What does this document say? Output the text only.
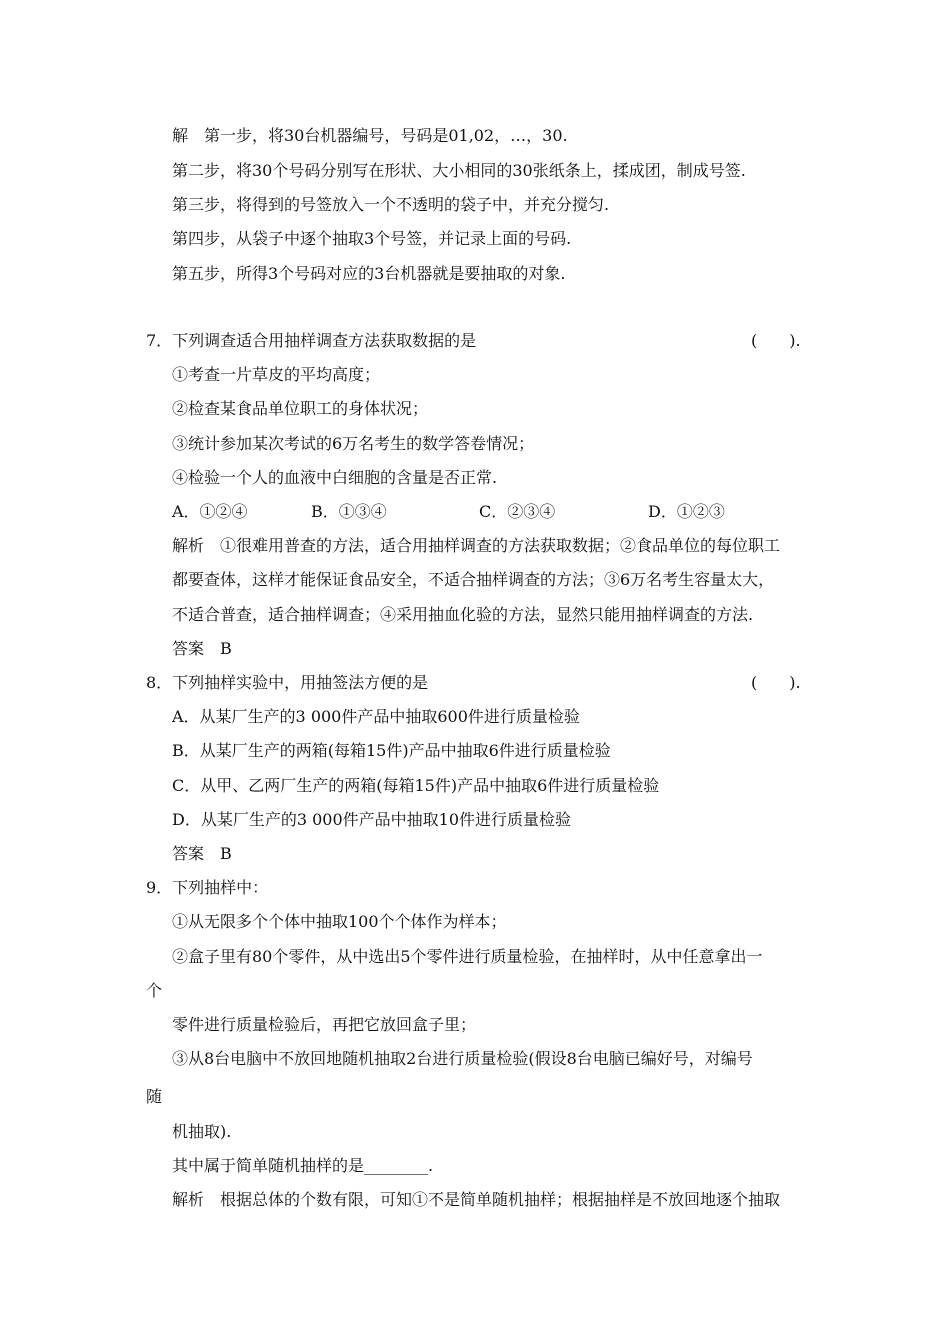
解　第一步，将30台机器编号，号码是01,02，…，30.
第二步，将30个号码分别写在形状、大小相同的30张纸条上，揉成团，制成号签.
第三步，将得到的号签放入一个不透明的袋子中，并充分搅匀.
第四步，从袋子中逐个抽取3个号签，并记录上面的号码.
第五步，所得3个号码对应的3台机器就是要抽取的对象.
7．下列调查适合用抽样调查方法获取数据的是	(　　).
①考查一片草皮的平均高度；
②检查某食品单位职工的身体状况；
③统计参加某次考试的6万名考生的数学答卷情况；
④检验一个人的血液中白细胞的含量是否正常.
A．①②④	B．①③④	C．②③④	D．①②③
解析　①很难用普查的方法，适合用抽样调查的方法获取数据；②食品单位的每位职工
都要查体，这样才能保证食品安全，不适合抽样调查的方法；③6万名考生容量太大，
不适合普查，适合抽样调查；④采用抽血化验的方法，显然只能用抽样调查的方法.
答案　B
8．下列抽样实验中，用抽签法方便的是	(　　).
A．从某厂生产的3 000件产品中抽取600件进行质量检验
B．从某厂生产的两箱(每箱15件)产品中抽取6件进行质量检验
C．从甲、乙两厂生产的两箱(每箱15件)产品中抽取6件进行质量检验
D．从某厂生产的3 000件产品中抽取10件进行质量检验
答案　B
9．下列抽样中：
①从无限多个个体中抽取100个个体作为样本；
②盒子里有80个零件，从中选出5个零件进行质量检验，在抽样时，从中任意拿出一
个
零件进行质量检验后，再把它放回盒子里；
③从8台电脑中不放回地随机抽取2台进行质量检验(假设8台电脑已编好号，对编号
随
机抽取).
其中属于简单随机抽样的是________.
解析　根据总体的个数有限，可知①不是简单随机抽样；根据抽样是不放回地逐个抽取
